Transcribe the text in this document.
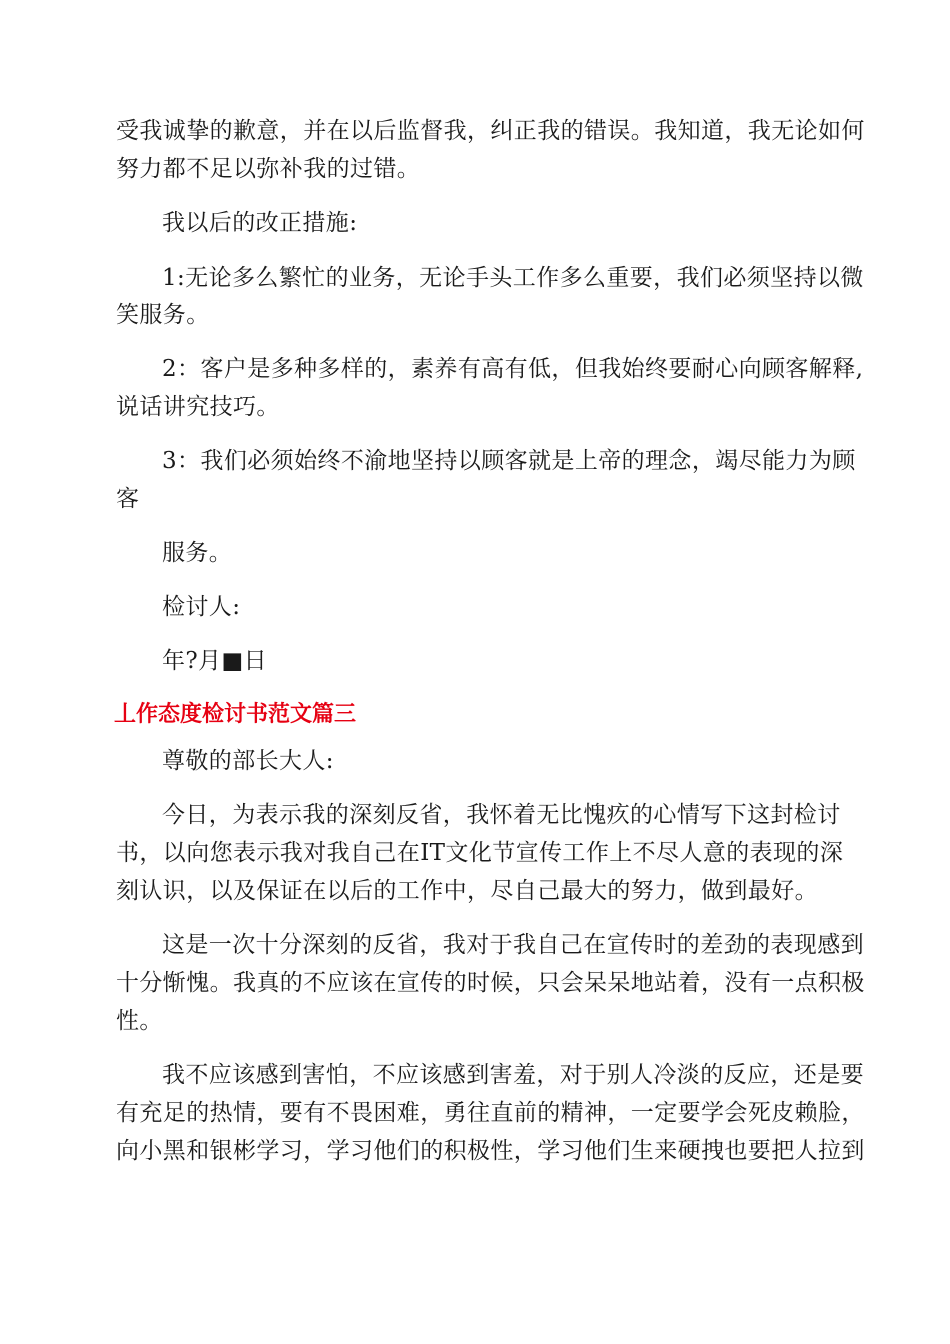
受我诚挚的歉意，并在以后监督我，纠正我的错误。我知道，我无论如何
努力都不足以弥补我的过错。
我以后的改正措施:
1:无论多么繁忙的业务，无论手头工作多么重要，我们必须坚持以微
笑服务。
2：客户是多种多样的，素养有高有低，但我始终要耐心向顾客解释,
说话讲究技巧。
3：我们必须始终不渝地坚持以顾客就是上帝的理念，竭尽能力为顾
客
服务。
检讨人:
年?月■日
丄作态度检讨书范文篇三
尊敬的部长大人:
今日，为表示我的深刻反省，我怀着无比愧疚的心情写下这封检讨
书，以向您表示我对我自己在IT文化节宣传工作上不尽人意的表现的深
刻认识，以及保证在以后的工作中，尽自己最大的努力，做到最好。
这是一次十分深刻的反省，我对于我自己在宣传时的差劲的表现感到
十分惭愧。我真的不应该在宣传的时候，只会呆呆地站着，没有一点积极
性。
我不应该感到害怕，不应该感到害羞，对于别人冷淡的反应，还是要
有充足的热情，要有不畏困难，勇往直前的精神，一定要学会死皮赖脸，
向小黑和银彬学习，学习他们的积极性，学习他们生来硬拽也要把人拉到
